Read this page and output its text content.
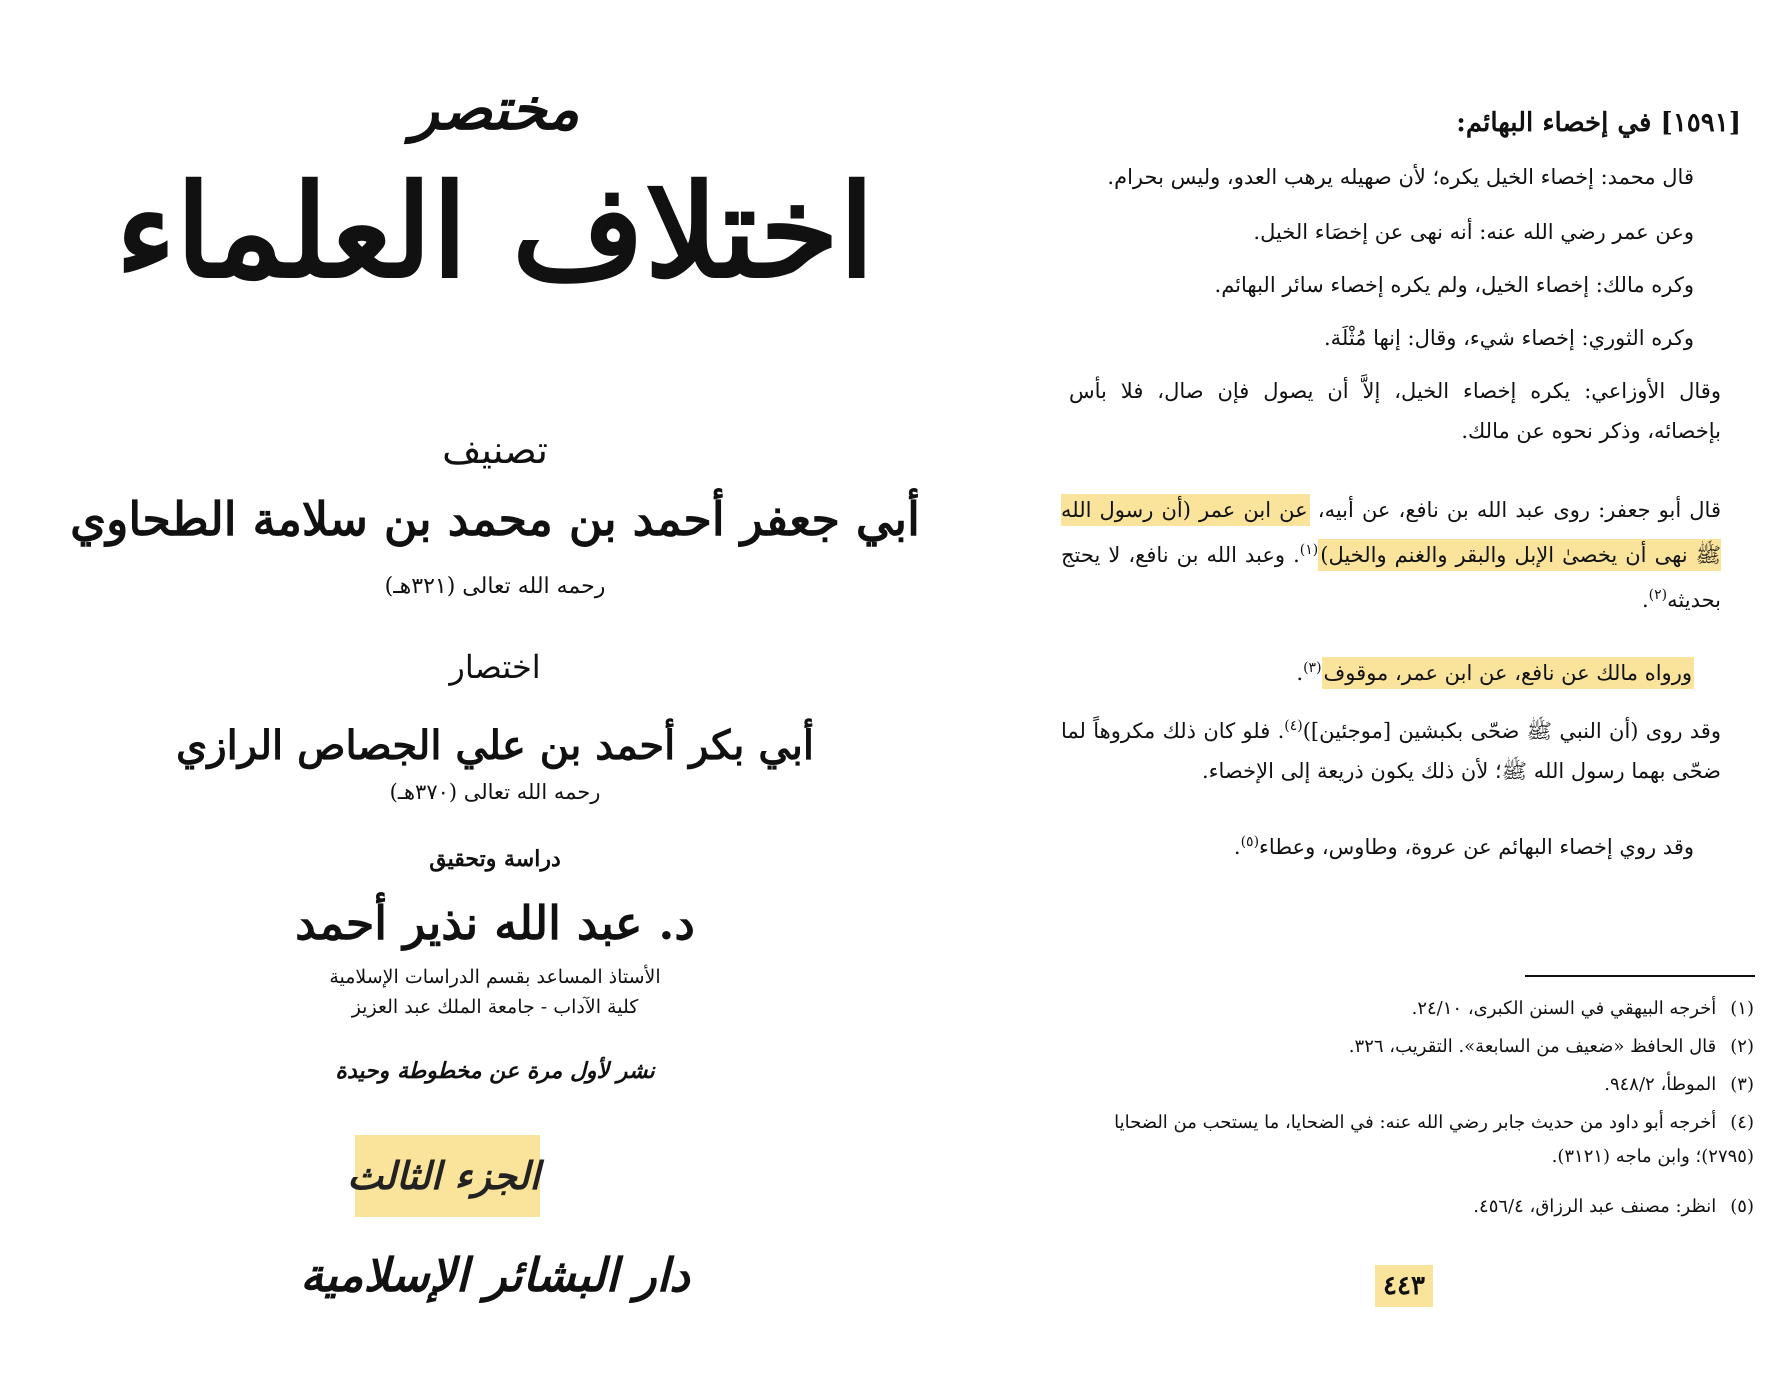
مختصر
اختلاف العلماء
تصنيف
أبي جعفر أحمد بن محمد بن سلامة الطحاوي
رحمه الله تعالى (٣٢١هـ)
اختصار
أبي بكر أحمد بن علي الجصاص الرازي
رحمه الله تعالى (٣٧٠هـ)
دراسة وتحقيق
د. عبد الله نذير أحمد
الأستاذ المساعد بقسم الدراسات الإسلامية
كلية الآداب - جامعة الملك عبد العزيز
نشر لأول مرة عن مخطوطة وحيدة
الجزء الثالث
دار البشائر الإسلامية
[١٥٩١] في إخصاء البهائم:

قال محمد: إخصاء الخيل يكره؛ لأن صهيله يرهب العدو، وليس بحرام.

وعن عمر رضي الله عنه: أنه نهى عن إخصَاء الخيل.

وكره مالك: إخصاء الخيل، ولم يكره إخصاء سائر البهائم.

وكره الثوري: إخصاء شيء، وقال: إنها مُثْلَة.

وقال الأوزاعي: يكره إخصاء الخيل، إلاَّ أن يصول فإن صال، فلا بأس بإخصائه، وذكر نحوه عن مالك.

قال أبو جعفر: روى عبد الله بن نافع، عن أبيه، عن ابن عمر (أن رسول الله ﷺ نهى أن يخصىٰ الإبل والبقر والغنم والخيل)$^{(١)}$. وعبد الله بن نافع، لا يحتج بحديثه$^{(٢)}$.

ورواه مالك عن نافع، عن ابن عمر، موقوف$^{(٣)}$.

وقد روى (أن النبي ﷺ ضحّى بكبشين [موجئين])$^{(٤)}$. فلو كان ذلك مكروهاً لما ضحّى بهما رسول الله ﷺ؛ لأن ذلك يكون ذريعة إلى الإخصاء.

وقد روي إخصاء البهائم عن عروة، وطاوس، وعطاء$^{(٥)}$.

(١)أخرجه البيهقي في السنن الكبرى، ٢٤/١٠.

(٢)قال الحافظ «ضعيف من السابعة». التقريب، ٣٢٦.

(٣)الموطأ، ٩٤٨/٢.

(٤)أخرجه أبو داود من حديث جابر رضي الله عنه: في الضحايا، ما يستحب من الضحايا (٢٧٩٥)؛ وابن ماجه (٣١٢١).

(٥)انظر: مصنف عبد الرزاق، ٤٥٦/٤.

٤٤٣
